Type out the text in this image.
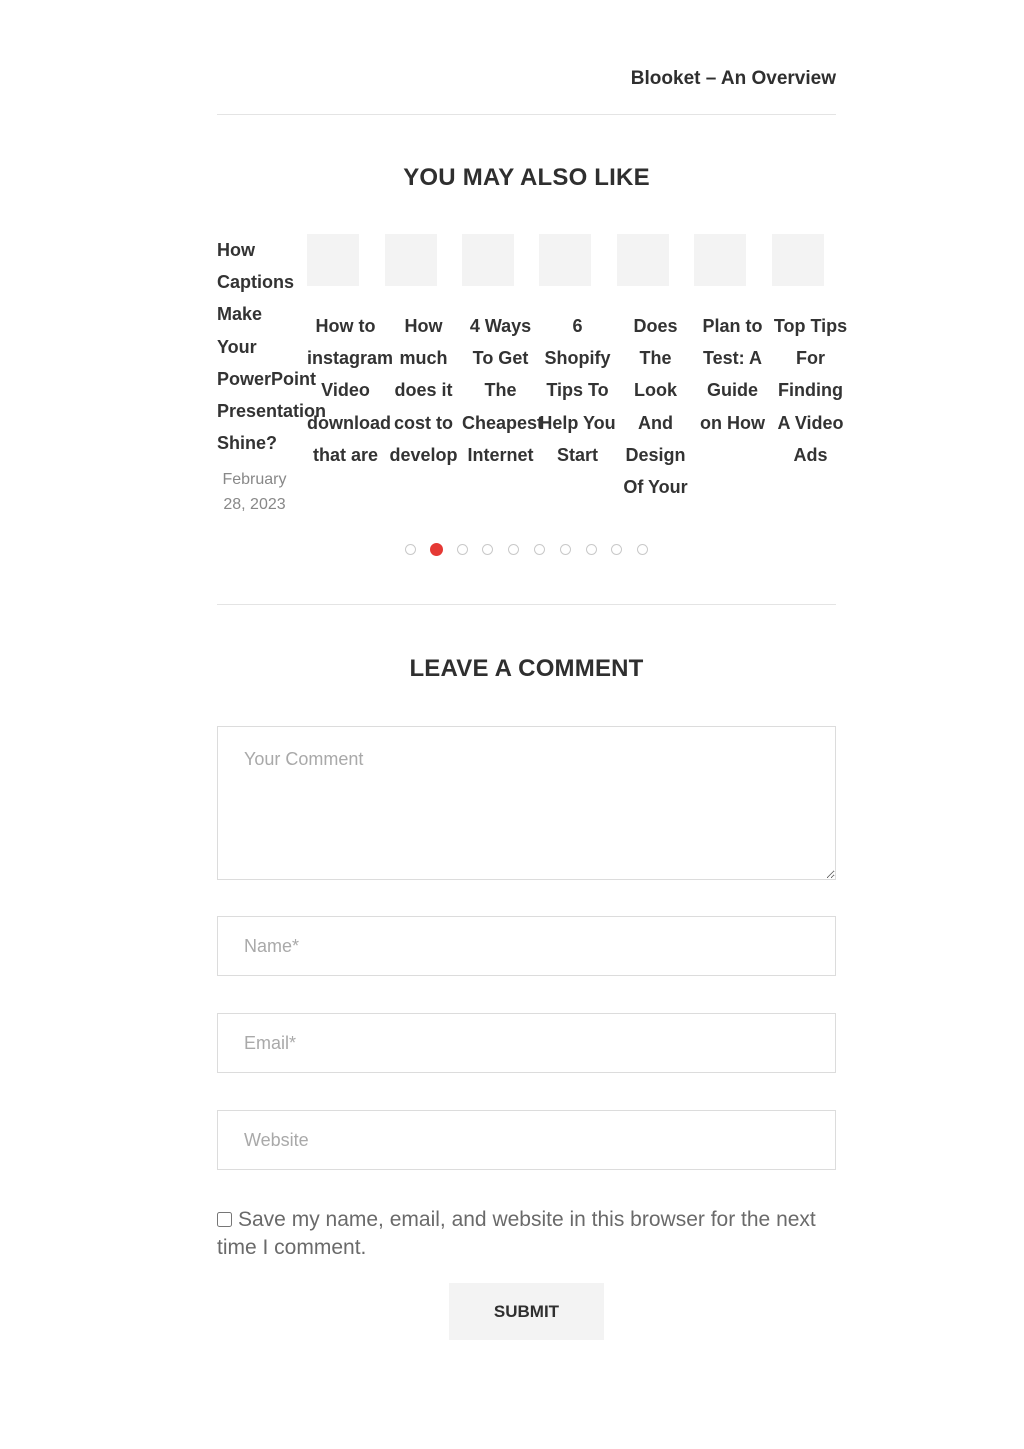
Blooket – An Overview
YOU MAY ALSO LIKE
How Captions Make Your PowerPoint Presentation Shine?
February 28, 2023
How to instagram Video download that are
How much does it cost to develop
4 Ways To Get The Cheapest Internet
6 Shopify Tips To Help You Start
Does The Look And Design Of Your
Plan to Test: A Guide on How
Top Tips For Finding A Video Ads
LEAVE A COMMENT
Your Comment
Name*
Email*
Website
Save my name, email, and website in this browser for the next time I comment.
SUBMIT
